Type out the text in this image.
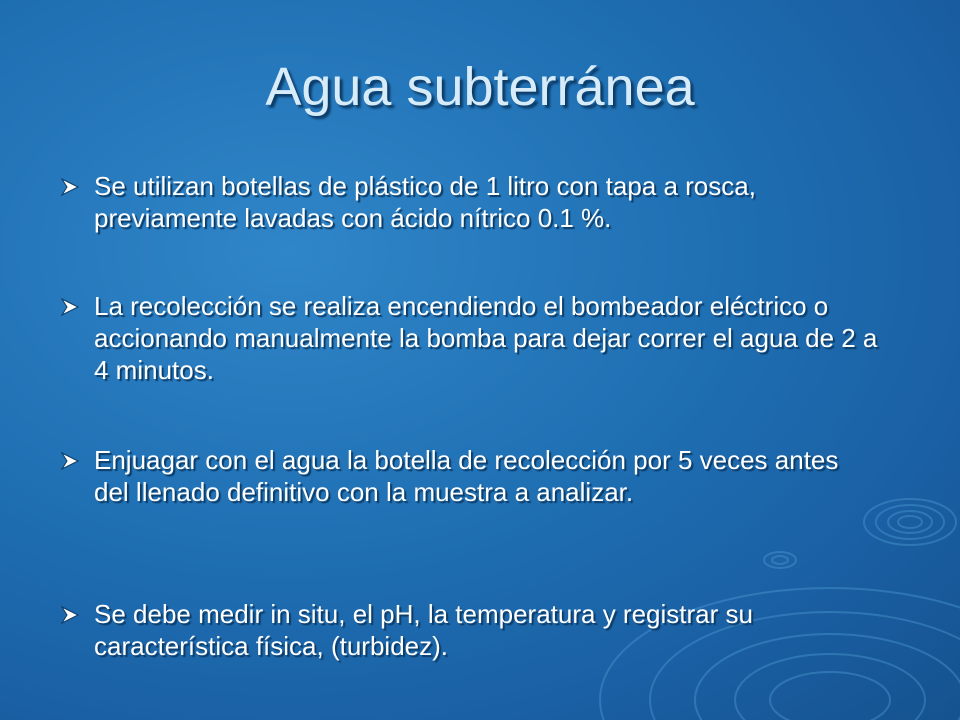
Agua subterránea
Se utilizan botellas de plástico de 1 litro con tapa a rosca, previamente lavadas con ácido nítrico 0.1 %.
La recolección se realiza encendiendo el bombeador eléctrico o accionando manualmente la bomba para dejar correr el agua de 2 a 4 minutos.
Enjuagar con el agua la botella de recolección por 5 veces antes del llenado definitivo con la muestra a analizar.
Se debe medir in situ, el pH, la temperatura y registrar su característica física, (turbidez).
